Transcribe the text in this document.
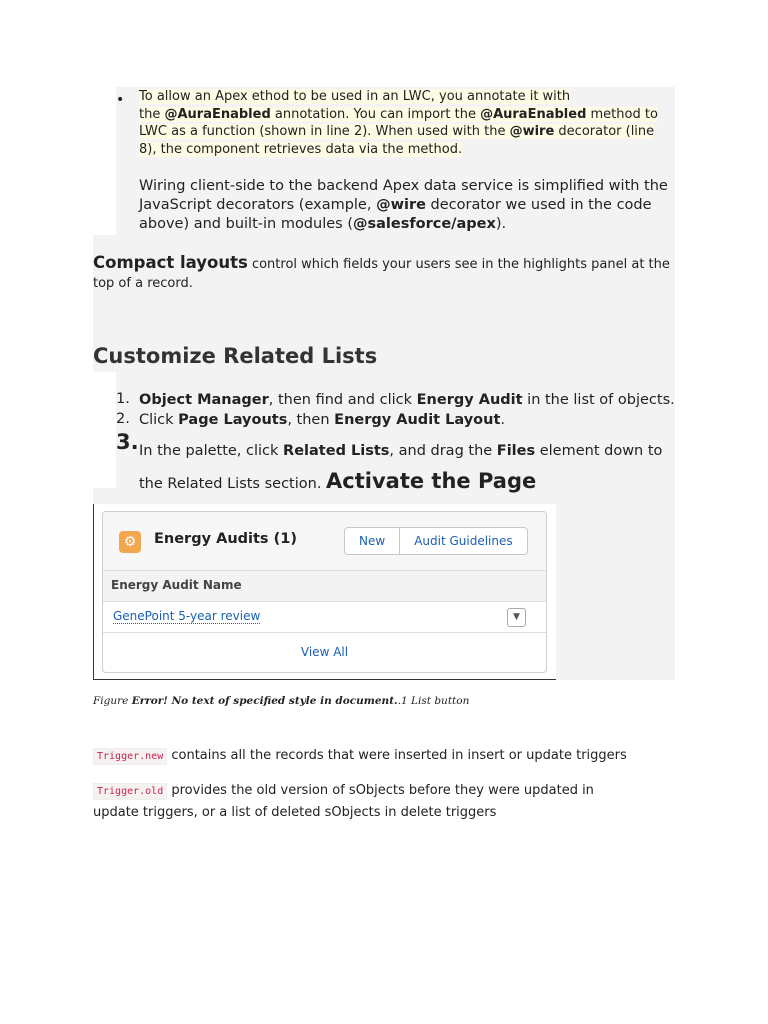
• To allow an Apex ethod to be used in an LWC, you annotate it with
the @AuraEnabled annotation. You can import the @AuraEnabled method to LWC as a function (shown in line 2). When used with the @wire decorator (line 8), the component retrieves data via the method.
Wiring client-side to the backend Apex data service is simplified with the JavaScript decorators (example, @wire decorator we used in the code above) and built-in modules (@salesforce/apex).
Compact layouts control which fields your users see in the highlights panel at the top of a record.
Customize Related Lists
1. Object Manager, then find and click Energy Audit in the list of objects.
2. Click Page Layouts, then Energy Audit Layout.
3. In the palette, click Related Lists, and drag the Files element down to the Related Lists section. Activate the Page
⚙	Energy Audits (1)	New	Audit Guidelines
Energy Audit Name
GenePoint 5-year review	▼
View All
Figure Error! No text of specified style in document..1 List button
Trigger.new contains all the records that were inserted in insert or update triggers
Trigger.old provides the old version of sObjects before they were updated in update triggers, or a list of deleted sObjects in delete triggers
